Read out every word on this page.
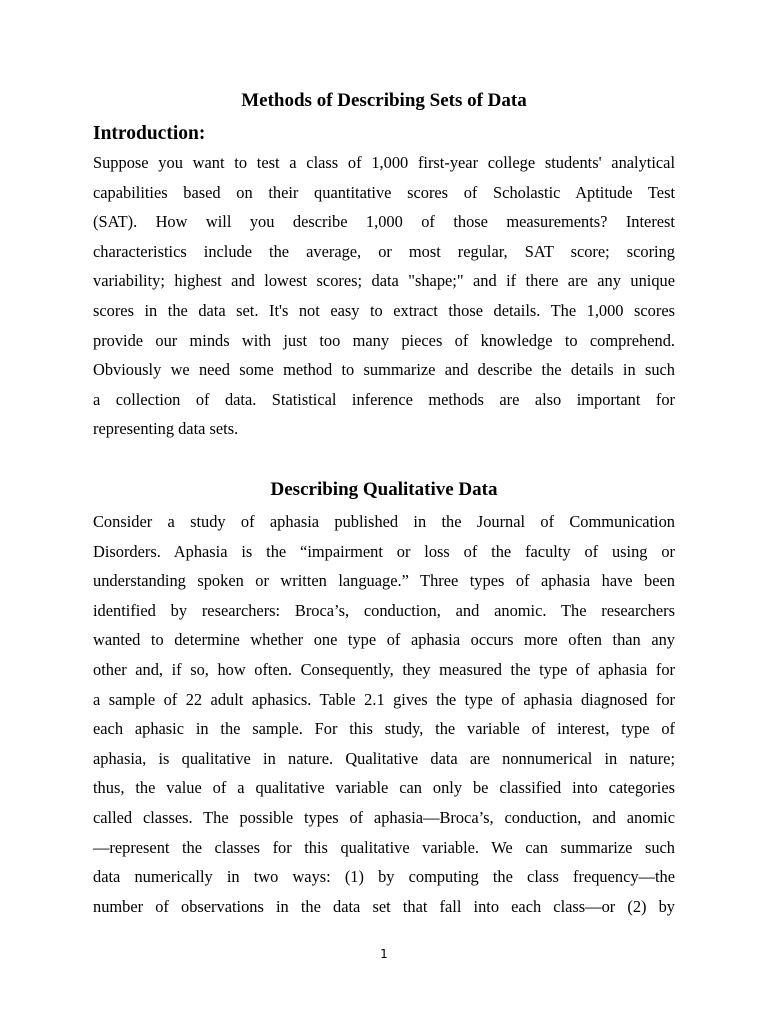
Methods of Describing Sets of Data
Introduction:
Suppose you want to test a class of 1,000 first-year college students' analytical
capabilities based on their quantitative scores of Scholastic Aptitude Test
(SAT). How will you describe 1,000 of those measurements? Interest
characteristics include the average, or most regular, SAT score; scoring
variability; highest and lowest scores; data "shape;" and if there are any unique
scores in the data set. It's not easy to extract those details. The 1,000 scores
provide our minds with just too many pieces of knowledge to comprehend.
Obviously we need some method to summarize and describe the details in such
a collection of data. Statistical inference methods are also important for
representing data sets.
Describing Qualitative Data
Consider a study of aphasia published in the Journal of Communication
Disorders. Aphasia is the “impairment or loss of the faculty of using or
understanding spoken or written language.” Three types of aphasia have been
identified by researchers: Broca’s, conduction, and anomic. The researchers
wanted to determine whether one type of aphasia occurs more often than any
other and, if so, how often. Consequently, they measured the type of aphasia for
a sample of 22 adult aphasics. Table 2.1 gives the type of aphasia diagnosed for
each aphasic in the sample. For this study, the variable of interest, type of
aphasia, is qualitative in nature. Qualitative data are nonnumerical in nature;
thus, the value of a qualitative variable can only be classified into categories
called classes. The possible types of aphasia—Broca’s, conduction, and anomic
—represent the classes for this qualitative variable. We can summarize such
data numerically in two ways: (1) by computing the class frequency—the
number of observations in the data set that fall into each class—or (2) by
1
